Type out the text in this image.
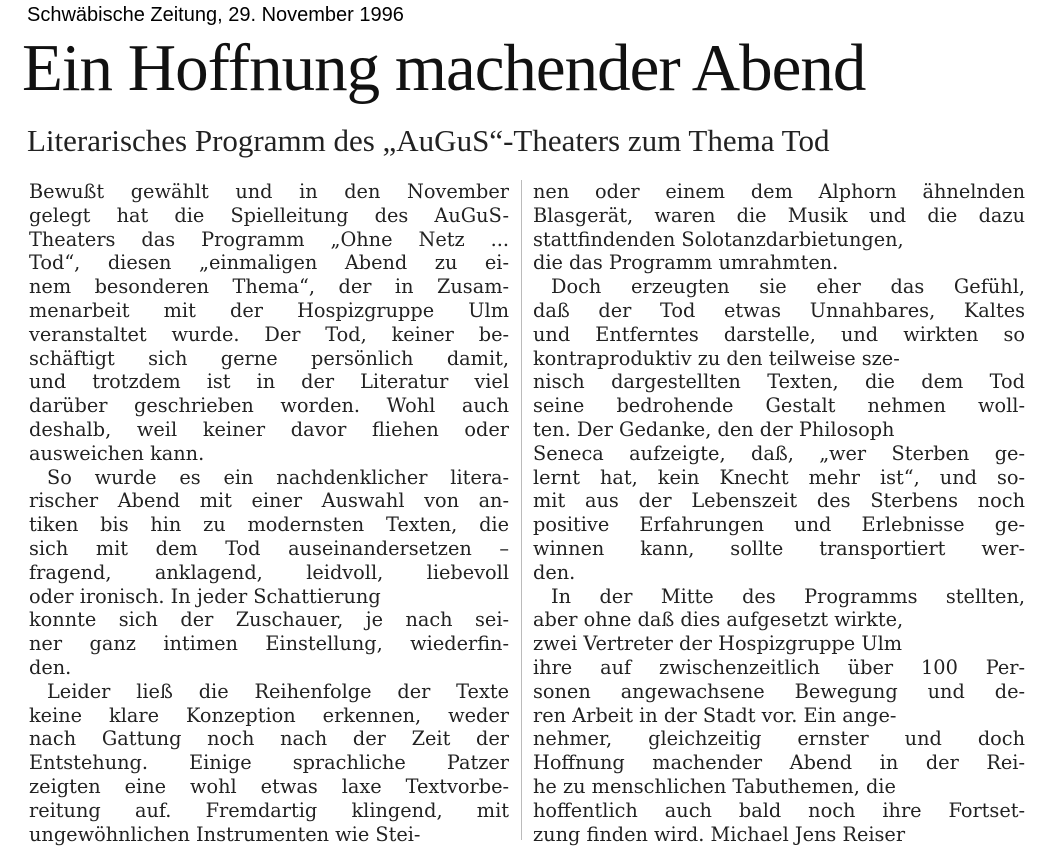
Schwäbische Zeitung, 29. November 1996
Ein Hoffnung machender Abend
Literarisches Programm des „AuGuS“-Theaters zum Thema Tod
Bewußt gewählt und in den November
gelegt hat die Spielleitung des AuGuS-
Theaters das Programm „Ohne Netz ...
Tod“, diesen „einmaligen Abend zu ei-
nem besonderen Thema“, der in Zusam-
menarbeit mit der Hospizgruppe Ulm
veranstaltet wurde. Der Tod, keiner be-
schäftigt sich gerne persönlich damit,
und trotzdem ist in der Literatur viel
darüber geschrieben worden. Wohl auch
deshalb, weil keiner davor fliehen oder
ausweichen kann.
So wurde es ein nachdenklicher litera-
rischer Abend mit einer Auswahl von an-
tiken bis hin zu modernsten Texten, die
sich mit dem Tod auseinandersetzen –
fragend, anklagend, leidvoll, liebevoll
oder ironisch. In jeder Schattierung
konnte sich der Zuschauer, je nach sei-
ner ganz intimen Einstellung, wiederfin-
den.
Leider ließ die Reihenfolge der Texte
keine klare Konzeption erkennen, weder
nach Gattung noch nach der Zeit der
Entstehung. Einige sprachliche Patzer
zeigten eine wohl etwas laxe Textvorbe-
reitung auf. Fremdartig klingend, mit
ungewöhnlichen Instrumenten wie Stei-
nen oder einem dem Alphorn ähnelnden
Blasgerät, waren die Musik und die dazu
stattfindenden Solotanzdarbietungen,
die das Programm umrahmten.
Doch erzeugten sie eher das Gefühl,
daß der Tod etwas Unnahbares, Kaltes
und Entferntes darstelle, und wirkten so
kontraproduktiv zu den teilweise sze-
nisch dargestellten Texten, die dem Tod
seine bedrohende Gestalt nehmen woll-
ten. Der Gedanke, den der Philosoph
Seneca aufzeigte, daß, „wer Sterben ge-
lernt hat, kein Knecht mehr ist“, und so-
mit aus der Lebenszeit des Sterbens noch
positive Erfahrungen und Erlebnisse ge-
winnen kann, sollte transportiert wer-
den.
In der Mitte des Programms stellten,
aber ohne daß dies aufgesetzt wirkte,
zwei Vertreter der Hospizgruppe Ulm
ihre auf zwischenzeitlich über 100 Per-
sonen angewachsene Bewegung und de-
ren Arbeit in der Stadt vor. Ein ange-
nehmer, gleichzeitig ernster und doch
Hoffnung machender Abend in der Rei-
he zu menschlichen Tabuthemen, die
hoffentlich auch bald noch ihre Fortset-
zung finden wird. Michael Jens Reiser
